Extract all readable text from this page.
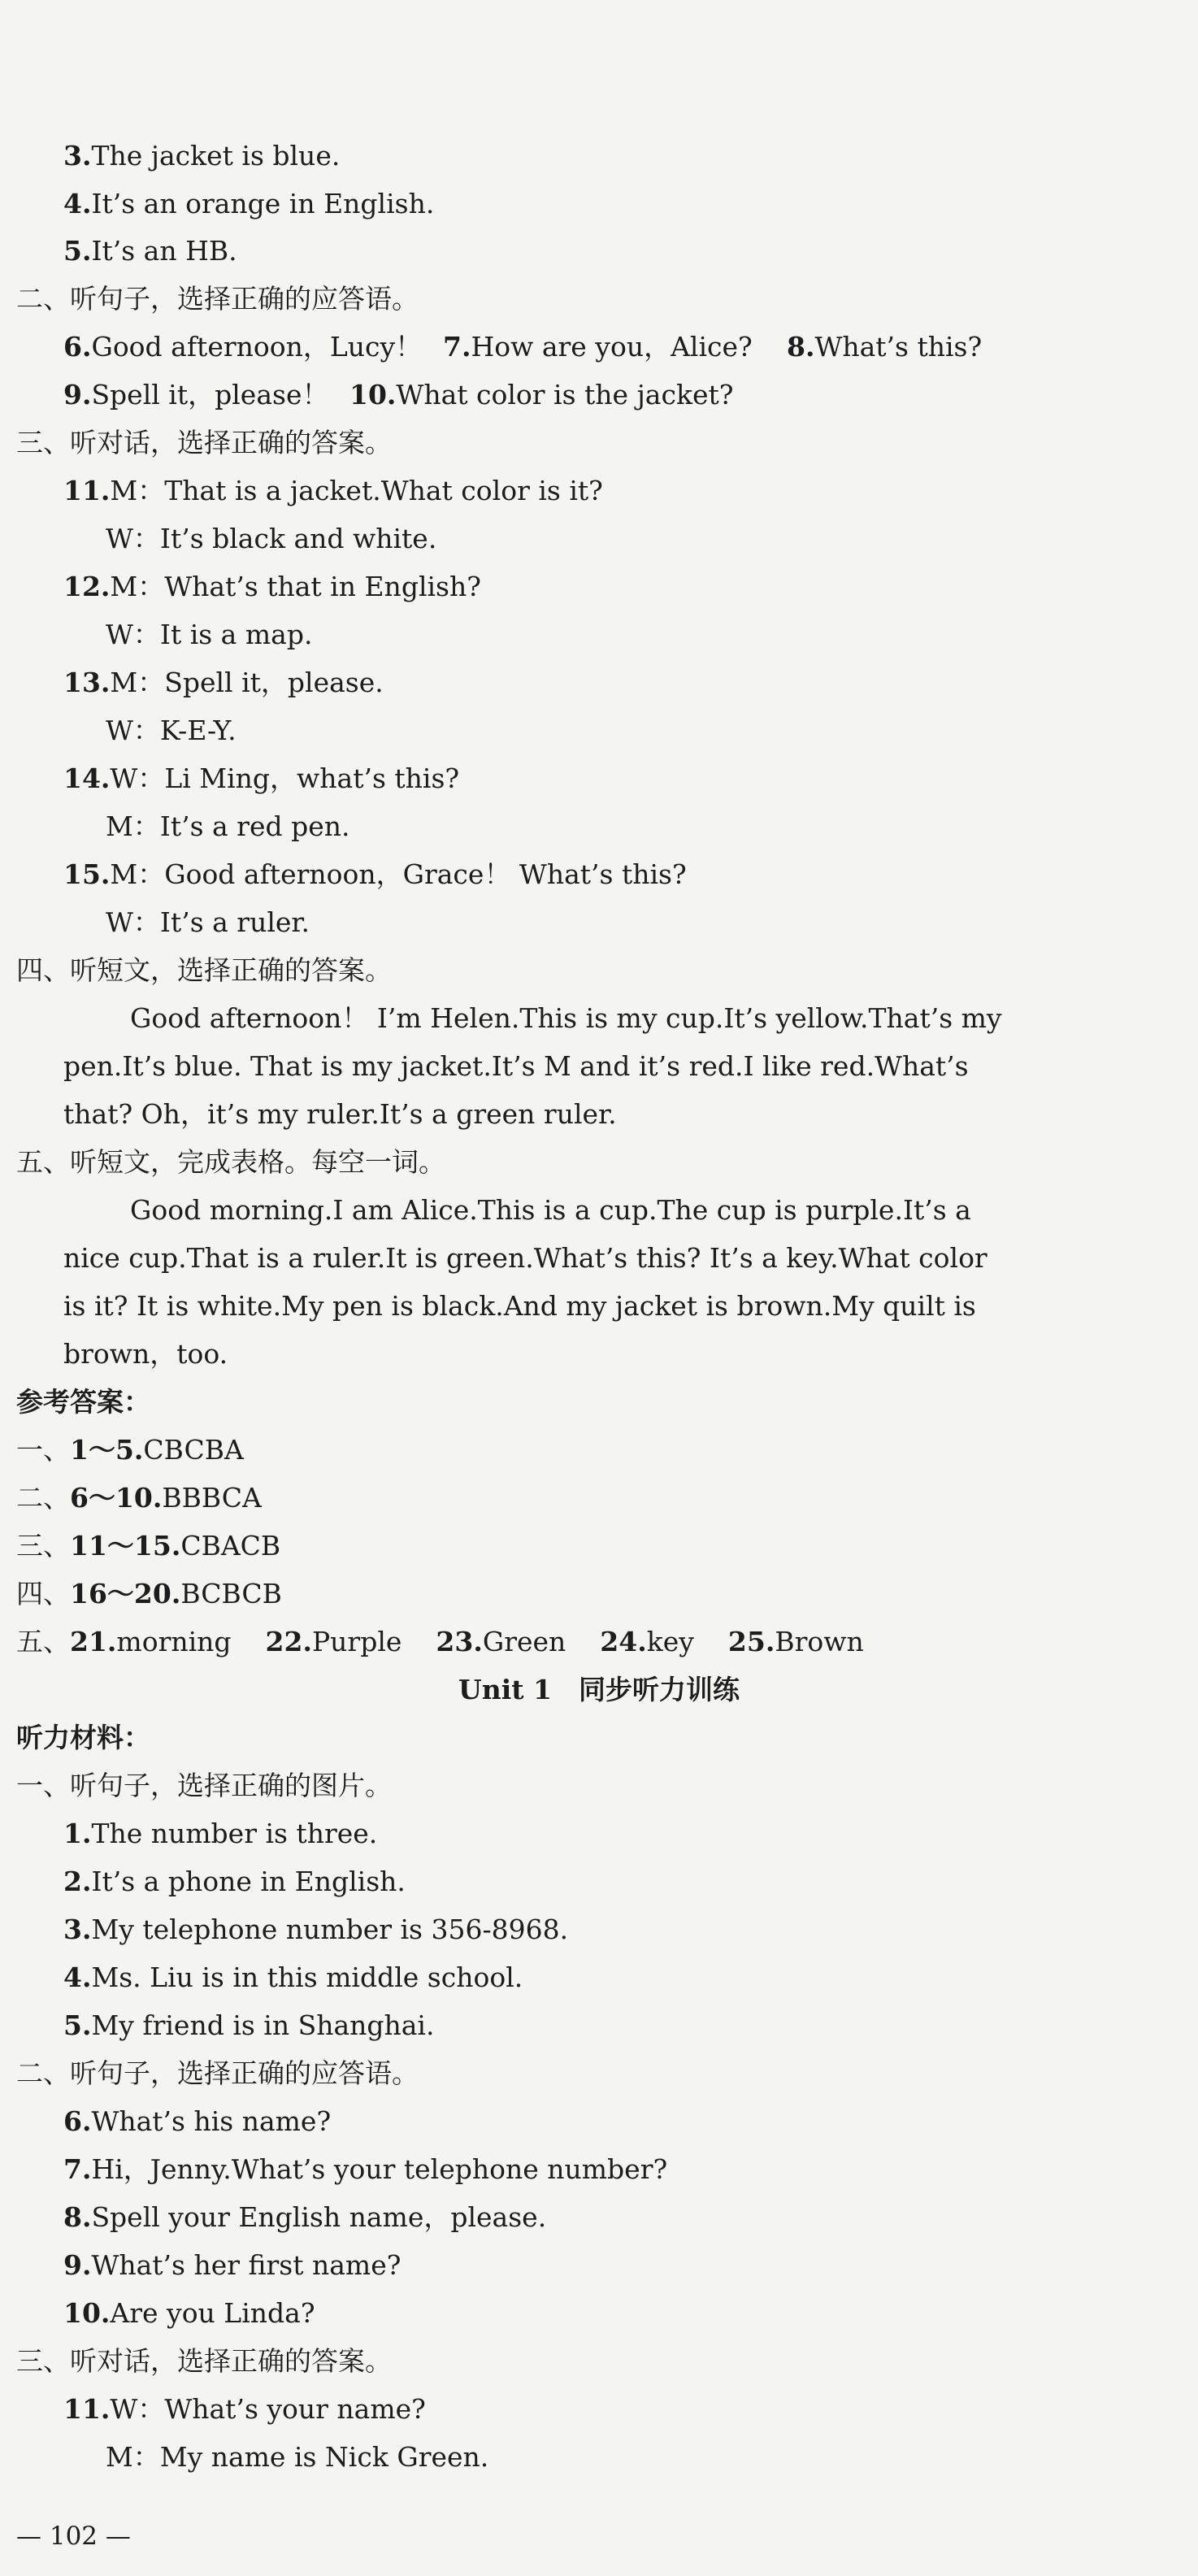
3.The jacket is blue.
4.It’s an orange in English.
5.It’s an HB.
二、听句子，选择正确的应答语。
6.Good afternoon，Lucy！ 7.How are you，Alice? 8.What’s this?
9.Spell it，please！ 10.What color is the jacket?
三、听对话，选择正确的答案。
11.M：That is a jacket.What color is it?
W：It’s black and white.
12.M：What’s that in English?
W：It is a map.
13.M：Spell it，please.
W：K-E-Y.
14.W：Li Ming，what’s this?
M：It’s a red pen.
15.M：Good afternoon，Grace！ What’s this?
W：It’s a ruler.
四、听短文，选择正确的答案。
Good afternoon！ I’m Helen.This is my cup.It’s yellow.That’s my
pen.It’s blue. That is my jacket.It’s M and it’s red.I like red.What’s
that? Oh，it’s my ruler.It’s a green ruler.
五、听短文，完成表格。每空一词。
Good morning.I am Alice.This is a cup.The cup is purple.It’s a
nice cup.That is a ruler.It is green.What’s this? It’s a key.What color
is it? It is white.My pen is black.And my jacket is brown.My quilt is
brown，too.
参考答案：
一、1～5.CBCBA
二、6～10.BBBCA
三、11～15.CBACB
四、16～20.BCBCB
五、21.morning 22.Purple 23.Green 24.key 25.Brown
Unit 1　同步听力训练
听力材料：
一、听句子，选择正确的图片。
1.The number is three.
2.It’s a phone in English.
3.My telephone number is 356-8968.
4.Ms. Liu is in this middle school.
5.My friend is in Shanghai.
二、听句子，选择正确的应答语。
6.What’s his name?
7.Hi，Jenny.What’s your telephone number?
8.Spell your English name，please.
9.What’s her first name?
10.Are you Linda?
三、听对话，选择正确的答案。
11.W：What’s your name?
M：My name is Nick Green.
— 102 —
